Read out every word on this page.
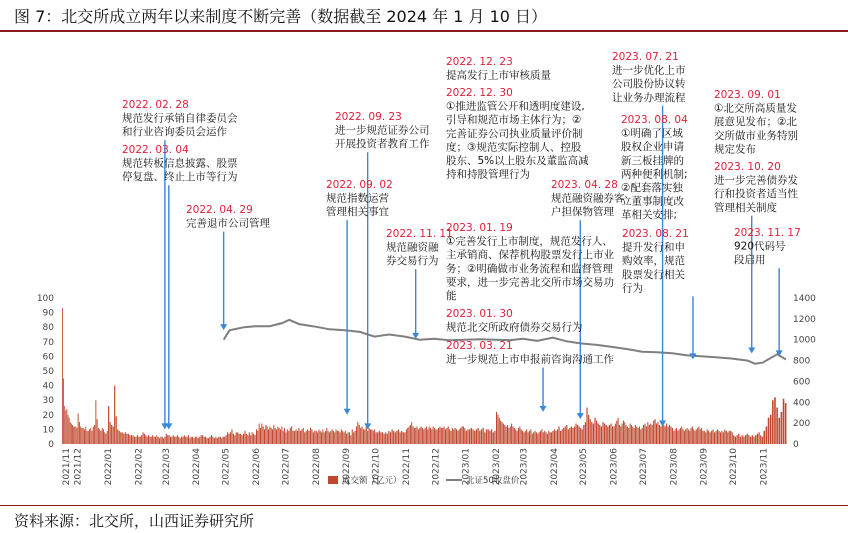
图 7：北交所成立两年以来制度不断完善（数据截至 2024 年 1 月 10 日）
100
90
80
70
60
50
40
30
20
10
0
1400
1200
1000
800
600
400
200
0
2021/11 2021/12 2022/01 2022/02 2022/03 2022/04 2022/05 2022/06 2022/07 2022/08 2022/09 2022/10 2022/11 2022/12 2023/01 2023/02 2023/03 2023/04 2023/05 2023/06 2023/07 2023/08 2023/09 2023/10 2023/11
2022. 02. 28
规范发行承销自律委员会
和行业咨询委员会运作
2022. 03. 04
规范转板信息披露、股票
停复盘、终止上市等行为
2022. 04. 29
完善退市公司管理
2022. 09. 02
规范指数运营
管理相关事宜
2022. 09. 23
进一步规范证券公司
开展投资者教育工作
2022. 11. 11
规范融资融
券交易行为
2022. 12. 23
提高发行上市审核质量
2022. 12. 30
①推进监管公开和透明度建设,
引导和规范市场主体行为；②
完善证券公司执业质量评价制
度；③规范实际控制人、控股
股东、5%以上股东及董监高减
持和持股管理行为
2023. 01. 19
①完善发行上市制度，规范发行人、
主承销商、保荐机构股票发行上市业
务；②明确做市业务流程和监督管理
要求，进一步完善北交所市场交易功
能
2023. 01. 30
规范北交所政府债券交易行为
2023. 03. 21
进一步规范上市申报前咨询沟通工作
2023. 04. 28
规范融资融券客
户担保物管理
2023. 07. 21
进一步优化上市
公司股份协议转
让业务办理流程
2023. 08. 04
①明确了区域
股权企业申请
新三板挂牌的
两种便利机制;
②配套落实独
立董事制度改
革相关安排;
2023. 08. 21
提升发行和申
购效率，规范
股票发行相关
行为
2023. 09. 01
①北交所高质量发
展意见发布；②北
交所做市业务特别
规定发布
2023. 10. 20
进一步完善债券发
行和投资者适当性
管理相关制度
2023. 11. 17
920代码号
段启用
成交额（亿元）	北证50收盘价
资料来源：北交所，山西证券研究所
